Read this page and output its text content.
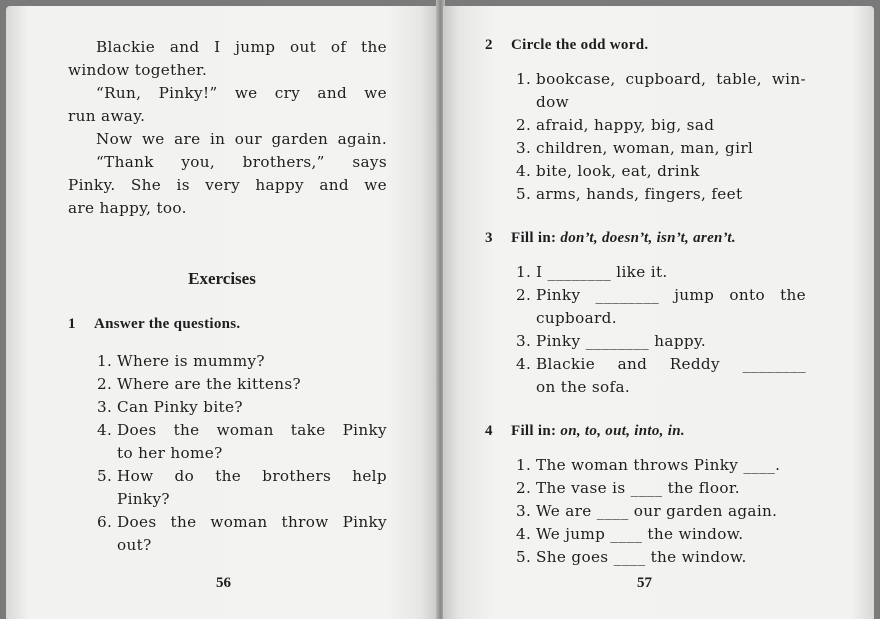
Blackie and I jump out of the
window together.
“Run, Pinky!” we cry and we
run away.
Now we are in our garden again.
“Thank you, brothers,” says
Pinky. She is very happy and we
are happy, too.
Exercises
1 Answer the questions.
1. Where is mummy?
2. Where are the kittens?
3. Can Pinky bite?
4. Does the woman take Pinky
to her home?
5. How do the brothers help
Pinky?
6. Does the woman throw Pinky
out?
56
2 Circle the odd word.
1. bookcase, cupboard, table, win-
dow
2. afraid, happy, big, sad
3. children, woman, man, girl
4. bite, look, eat, drink
5. arms, hands, fingers, feet
3 Fill in: don’t, doesn’t, isn’t, aren’t.
1. I ________ like it.
2. Pinky ________ jump onto the
cupboard.
3. Pinky ________ happy.
4. Blackie and Reddy ________
on the sofa.
4 Fill in: on, to, out, into, in.
1. The woman throws Pinky ____.
2. The vase is ____ the floor.
3. We are ____ our garden again.
4. We jump ____ the window.
5. She goes ____ the window.
57
